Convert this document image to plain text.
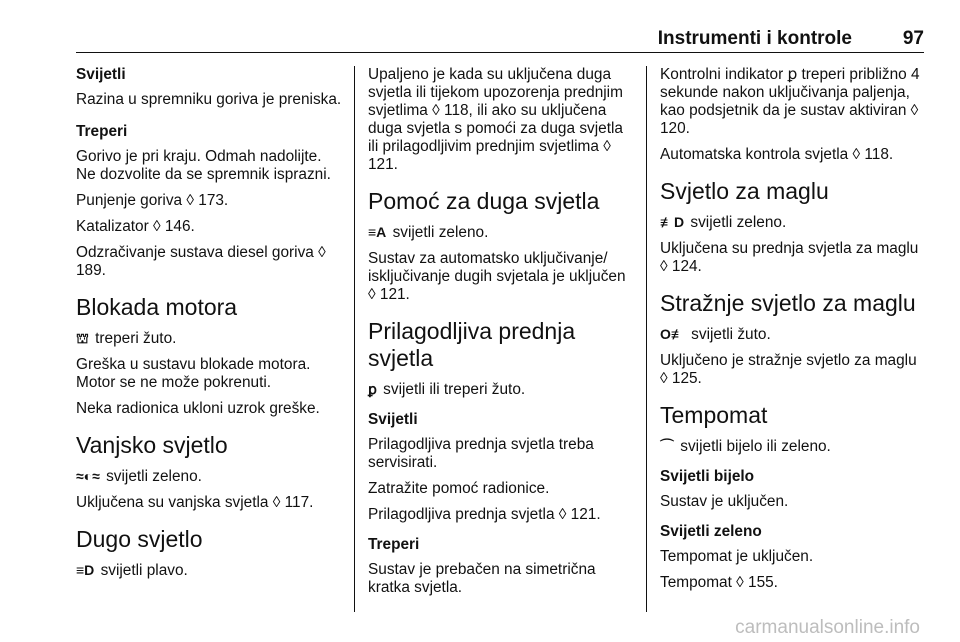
Instrumenti i kontrole	97
Svijetli

Razina u spremniku goriva je preniska.

Treperi

Gorivo je pri kraju. Odmah nadolijte. Ne dozvolite da se spremnik isprazni.

Punjenje goriva ◊ 173.

Katalizator ◊ 146.

Odzračivanje sustava diesel goriva ◊ 189.

Blokada motora

⛫ treperi žuto.

Greška u sustavu blokade motora. Motor se ne može pokrenuti.

Neka radionica ukloni uzrok greške.

Vanjsko svjetlo

≈◐≈ svijetli zeleno.

Uključena su vanjska svjetla ◊ 117.

Dugo svjetlo

≡D svijetli plavo.

Upaljeno je kada su uključena duga svjetla ili tijekom upozorenja prednjim svjetlima ◊ 118, ili ako su uključena duga svjetla s pomoći za duga svjetla ili prilagodljivim prednjim svjetlima ◊ 121.

Pomoć za duga svjetla

≡A svijetli zeleno.

Sustav za automatsko uključivanje/ isključivanje dugih svjetala je uključen ◊ 121.

Prilagodljiva prednja svjetla

ꝑ svijetli ili treperi žuto.

Svijetli

Prilagodljiva prednja svjetla treba servisirati.

Zatražite pomoć radionice.

Prilagodljiva prednja svjetla ◊ 121.

Treperi

Sustav je prebačen na simetrična kratka svjetla.

Kontrolni indikator ꝑ treperi približno 4 sekunde nakon uključivanja paljenja, kao podsjetnik da je sustav aktiviran ◊ 120.

Automatska kontrola svjetla ◊ 118.

Svjetlo za maglu

≢D svijetli zeleno.

Uključena su prednja svjetla za maglu ◊ 124.

Stražnje svjetlo za maglu

O≢ svijetli žuto.

Uključeno je stražnje svjetlo za maglu ◊ 125.

Tempomat

⌒ svijetli bijelo ili zeleno.

Svijetli bijelo

Sustav je uključen.

Svijetli zeleno

Tempomat je uključen.

Tempomat ◊ 155.

carmanualsonline.info
